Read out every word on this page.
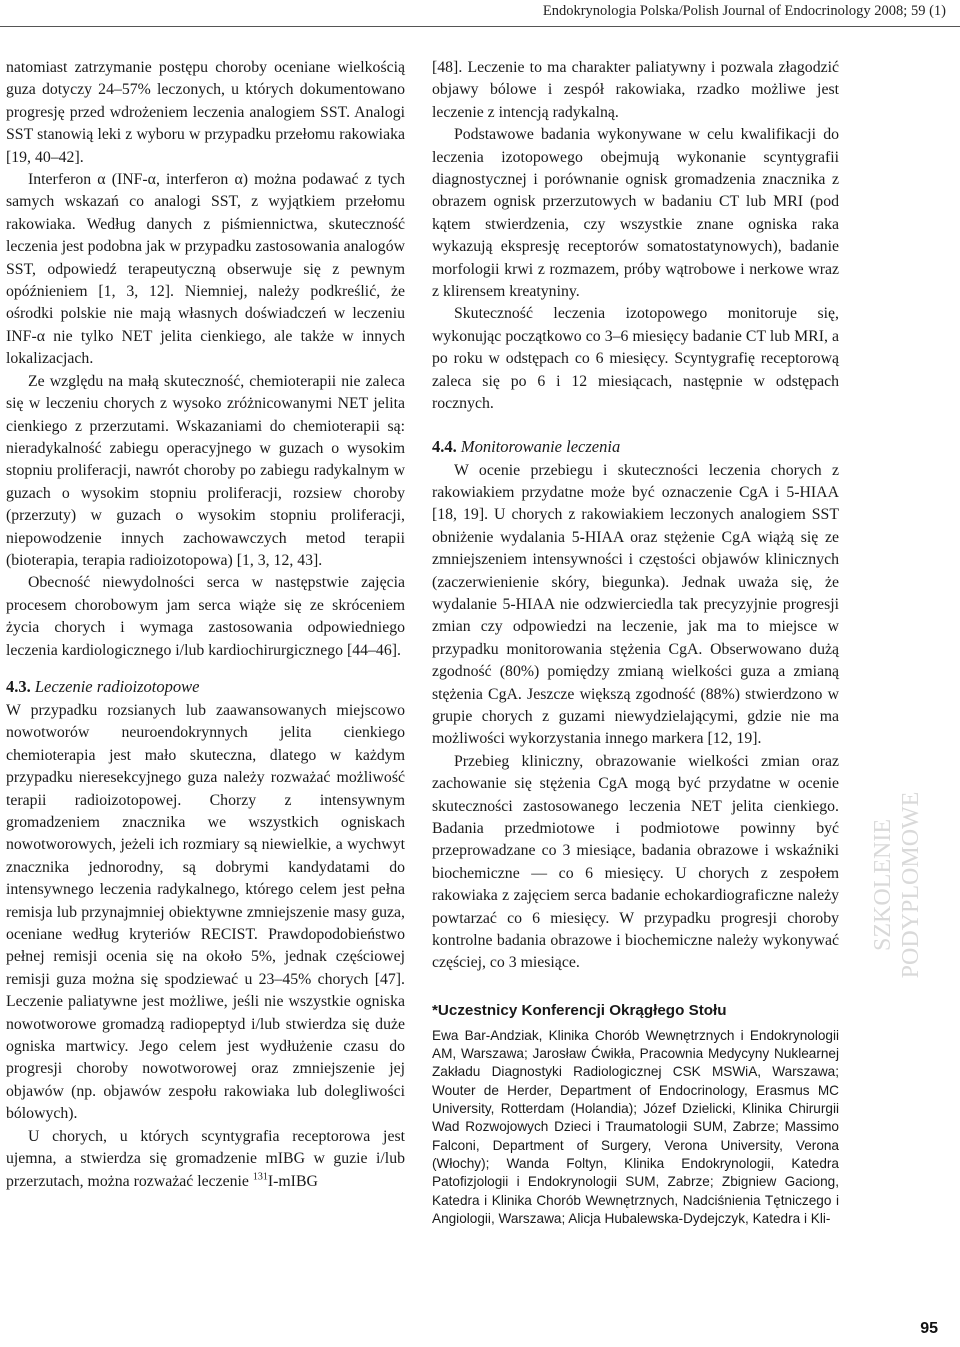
Endokrynologia Polska/Polish Journal of Endocrinology 2008; 59 (1)

natomiast zatrzymanie postępu choroby oceniane wielkością guza dotyczy 24–57% leczonych, u których dokumentowano progresję przed wdrożeniem leczenia analogiem SST. Analogi SST stanowią leki z wyboru w przypadku przełomu rakowiaka [19, 40–42].

Interferon α (INF-α, interferon α) można podawać z tych samych wskazań co analogi SST, z wyjątkiem przełomu rakowiaka. Według danych z piśmiennictwa, skuteczność leczenia jest podobna jak w przypadku zastosowania analogów SST, odpowiedź terapeutyczną obserwuje się z pewnym opóźnieniem [1, 3, 12]. Niemniej, należy podkreślić, że ośrodki polskie nie mają własnych doświadczeń w leczeniu INF-α nie tylko NET jelita cienkiego, ale także w innych lokalizacjach.

Ze względu na małą skuteczność, chemioterapii nie zaleca się w leczeniu chorych z wysoko zróżnicowanymi NET jelita cienkiego z przerzutami. Wskazaniami do chemioterapii są: nieradykalność zabiegu operacyjnego w guzach o wysokim stopniu proliferacji, nawrót choroby po zabiegu radykalnym w guzach o wysokim stopniu proliferacji, rozsiew choroby (przerzuty) w guzach o wysokim stopniu proliferacji, niepowodzenie innych zachowawczych metod terapii (bioterapia, terapia radioizotopowa) [1, 3, 12, 43].

Obecność niewydolności serca w następstwie zajęcia procesem chorobowym jam serca wiąże się ze skróceniem życia chorych i wymaga zastosowania odpowiedniego leczenia kardiologicznego i/lub kardiochirurgicznego [44–46].

4.3. Leczenie radioizotopowe

W przypadku rozsianych lub zaawansowanych miejscowo nowotworów neuroendokrynnych jelita cienkiego chemioterapia jest mało skuteczna, dlatego w każdym przypadku nieresekcyjnego guza należy rozważać możliwość terapii radioizotopowej. Chorzy z intensywnym gromadzeniem znacznika we wszystkich ogniskach nowotworowych, jeżeli ich rozmiary są niewielkie, a wychwyt znacznika jednorodny, są dobrymi kandydatami do intensywnego leczenia radykalnego, którego celem jest pełna remisja lub przynajmniej obiektywne zmniejszenie masy guza, oceniane według kryteriów RECIST. Prawdopodobieństwo pełnej remisji ocenia się na około 5%, jednak częściowej remisji guza można się spodziewać u 23–45% chorych [47]. Leczenie paliatywne jest możliwe, jeśli nie wszystkie ogniska nowotworowe gromadzą radiopeptyd i/lub stwierdza się duże ogniska martwicy. Jego celem jest wydłużenie czasu do progresji choroby nowotworowej oraz zmniejszenie jej objawów (np. objawów zespołu rakowiaka lub dolegliwości bólowych).

U chorych, u których scyntygrafia receptorowa jest ujemna, a stwierdza się gromadzenie mIBG w guzie i/lub przerzutach, można rozważać leczenie $^{131}$I-mIBG

[48]. Leczenie to ma charakter paliatywny i pozwala złagodzić objawy bólowe i zespół rakowiaka, rzadko możliwe jest leczenie z intencją radykalną.

Podstawowe badania wykonywane w celu kwalifikacji do leczenia izotopowego obejmują wykonanie scyntygrafii diagnostycznej i porównanie ognisk gromadzenia znacznika z obrazem ognisk przerzutowych w badaniu CT lub MRI (pod kątem stwierdzenia, czy wszystkie znane ogniska raka wykazują ekspresję receptorów somatostatynowych), badanie morfologii krwi z rozmazem, próby wątrobowe i nerkowe wraz z klirensem kreatyniny.

Skuteczność leczenia izotopowego monitoruje się, wykonując początkowo co 3–6 miesięcy badanie CT lub MRI, a po roku w odstępach co 6 miesięcy. Scyntygrafię receptorową zaleca się po 6 i 12 miesiącach, następnie w odstępach rocznych.

4.4. Monitorowanie leczenia

W ocenie przebiegu i skuteczności leczenia chorych z rakowiakiem przydatne może być oznaczenie CgA i 5-HIAA [18, 19]. U chorych z rakowiakiem leczonych analogiem SST obniżenie wydalania 5-HIAA oraz stężenie CgA wiążą się ze zmniejszeniem intensywności i częstości objawów klinicznych (zaczerwienienie skóry, biegunka). Jednak uważa się, że wydalanie 5-HIAA nie odzwierciedla tak precyzyjnie progresji zmian czy odpowiedzi na leczenie, jak ma to miejsce w przypadku monitorowania stężenia CgA. Obserwowano dużą zgodność (80%) pomiędzy zmianą wielkości guza a zmianą stężenia CgA. Jeszcze większą zgodność (88%) stwierdzono w grupie chorych z guzami niewydzielającymi, gdzie nie ma możliwości wykorzystania innego markera [12, 19].

Przebieg kliniczny, obrazowanie wielkości zmian oraz zachowanie się stężenia CgA mogą być przydatne w ocenie skuteczności zastosowanego leczenia NET jelita cienkiego. Badania przedmiotowe i podmiotowe powinny być przeprowadzane co 3 miesiące, badania obrazowe i wskaźniki biochemiczne — co 6 miesięcy. U chorych z zespołem rakowiaka z zajęciem serca badanie echokardiograficzne należy powtarzać co 6 miesięcy. W przypadku progresji choroby kontrolne badania obrazowe i biochemiczne należy wykonywać częściej, co 3 miesiące.

*Uczestnicy Konferencji Okrągłego Stołu
Ewa Bar-Andziak, Klinika Chorób Wewnętrznych i Endokrynologii AM, Warszawa; Jarosław Ćwikła, Pracownia Medycyny Nuklearnej Zakładu Diagnostyki Radiologicznej CSK MSWiA, Warszawa; Wouter de Herder, Department of Endocrinology, Erasmus MC University, Rotterdam (Holandia); Józef Dzielicki, Klinika Chirurgii Wad Rozwojowych Dzieci i Traumatologii SUM, Zabrze; Massimo Falconi, Department of Surgery, Verona University, Verona (Włochy); Wanda Foltyn, Klinika Endokrynologii, Katedra Patofizjologii i Endokrynologii SUM, Zabrze; Zbigniew Gaciong, Katedra i Klinika Chorób Wewnętrznych, Nadciśnienia Tętniczego i Angiologii, Warszawa; Alicja Hubalewska-Dydejczyk, Katedra i Kli-
SZKOLENIE PODYPLOMOWE
95
